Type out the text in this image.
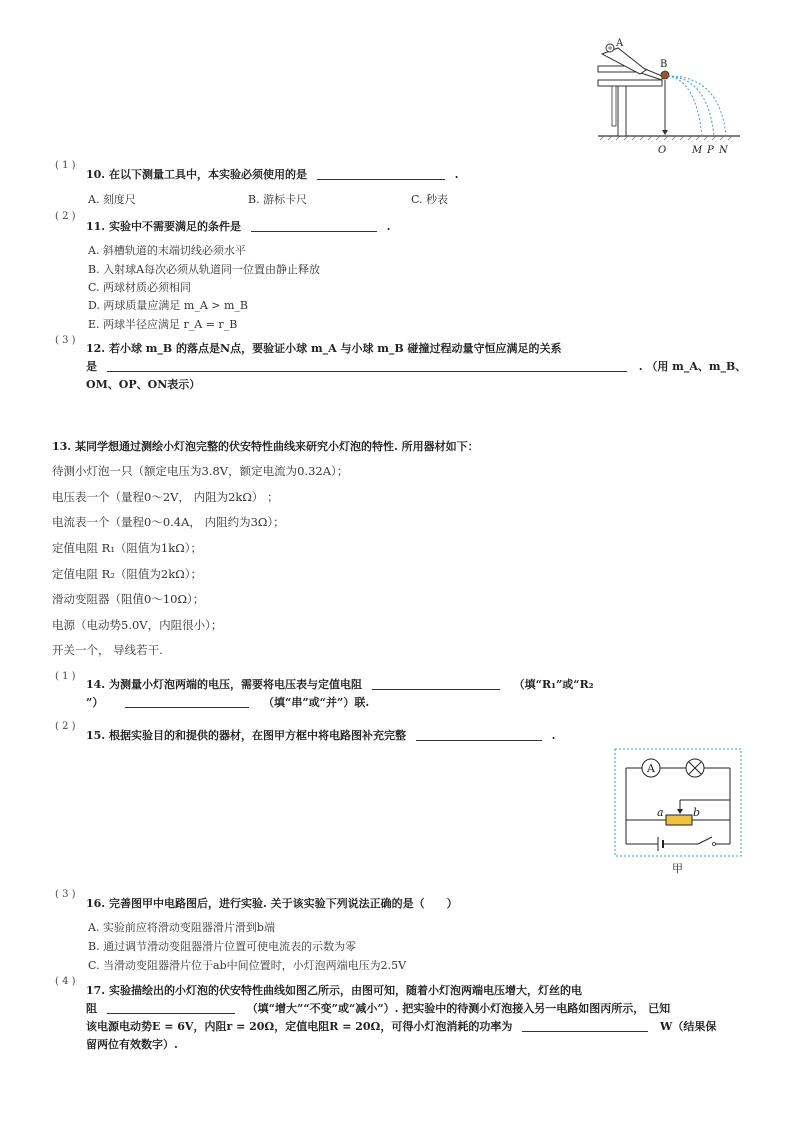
A
B
O	M P N
( 1 )
10. 在以下测量工具中，本实验必须使用的是	.
A. 刻度尺	B. 游标卡尺	C. 秒表
( 2 )
11. 实验中不需要满足的条件是	.
A. 斜槽轨道的末端切线必须水平
B. 入射球A每次必须从轨道同一位置由静止释放
C. 两球材质必须相同
D. 两球质量应满足 m_A > m_B
E. 两球半径应满足 r_A = r_B
( 3 )
12. 若小球 m_B 的落点是N点，要验证小球 m_A 与小球 m_B 碰撞过程动量守恒应满足的关系
是	. （用 m_A、m_B、
OM、OP、ON表示）
13. 某同学想通过测绘小灯泡完整的伏安特性曲线来研究小灯泡的特性. 所用器材如下：
待测小灯泡一只（额定电压为3.8V，额定电流为0.32A）；
电压表一个（量程0～2V， 内阻为2kΩ） ；
电流表一个（量程0～0.4A， 内阻约为3Ω）；
定值电阻 R₁（阻值为1kΩ）；
定值电阻 R₂（阻值为2kΩ）；
滑动变阻器（阻值0～10Ω）；
电源（电动势5.0V，内阻很小）；
开关一个， 导线若干.
( 1 )
14. 为测量小灯泡两端的电压，需要将电压表与定值电阻	（填“R₁”或“R₂
”）	（填“串”或“并”）联.
( 2 )
15. 根据实验目的和提供的器材，在图甲方框中将电路图补充完整	.
A
a	b
甲
( 3 )
16. 完善图甲中电路图后，进行实验. 关于该实验下列说法正确的是（　　）
A. 实验前应将滑动变阻器滑片滑到b端
B. 通过调节滑动变阻器滑片位置可使电流表的示数为零
C. 当滑动变阻器滑片位于ab中间位置时，小灯泡两端电压为2.5V
( 4 )
17. 实验描绘出的小灯泡的伏安特性曲线如图乙所示，由图可知，随着小灯泡两端电压增大，灯丝的电
阻	（填“增大”“不变”或“减小”）. 把实验中的待测小灯泡接入另一电路如图丙所示， 已知
该电源电动势E = 6V，内阻r = 20Ω，定值电阻R = 20Ω，可得小灯泡消耗的功率为	W（结果保
留两位有效数字）.
